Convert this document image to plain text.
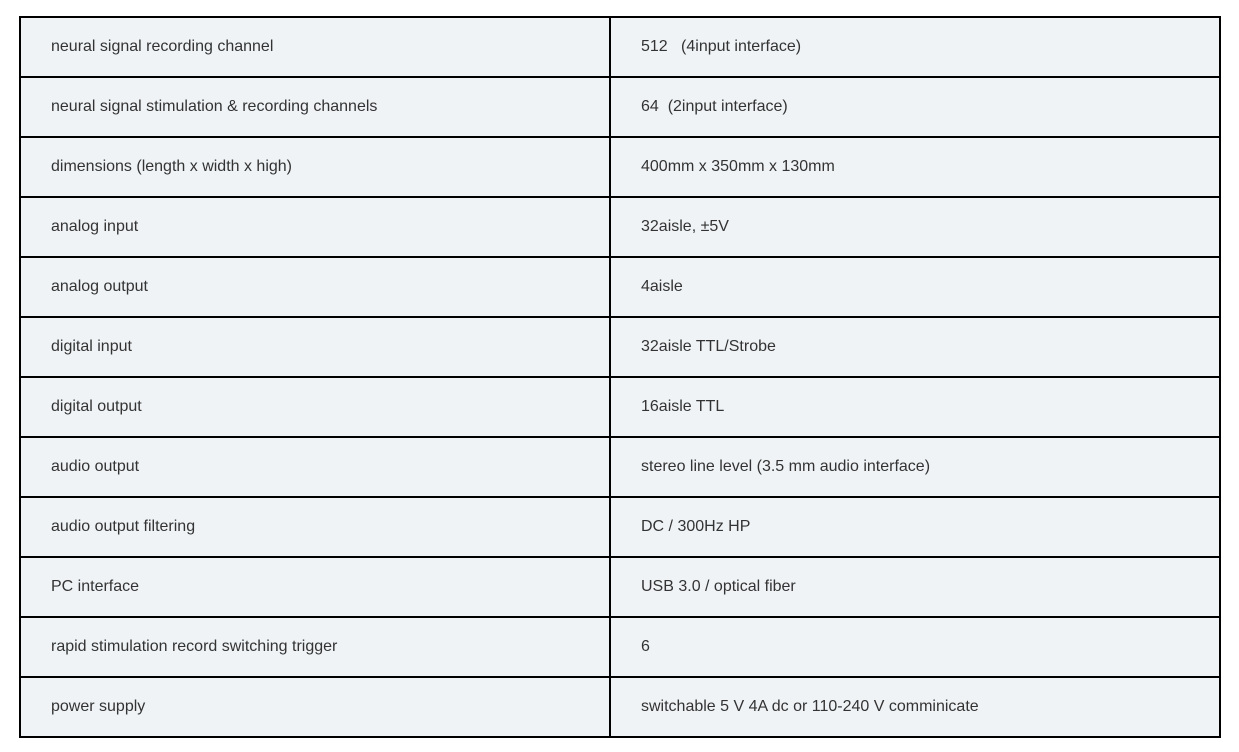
neural signal recording channel	512   (4input interface)
neural signal stimulation & recording channels	64  (2input interface)
dimensions (length x width x high)	400mm x 350mm x 130mm
analog input	32aisle, ±5V
analog output	4aisle
digital input	32aisle TTL/Strobe
digital output	16aisle TTL
audio output	stereo line level (3.5 mm audio interface)
audio output filtering	DC / 300Hz HP
PC interface	USB 3.0 / optical fiber
rapid stimulation record switching trigger	6
power supply	switchable 5 V 4A dc or 110-240 V comminicate
